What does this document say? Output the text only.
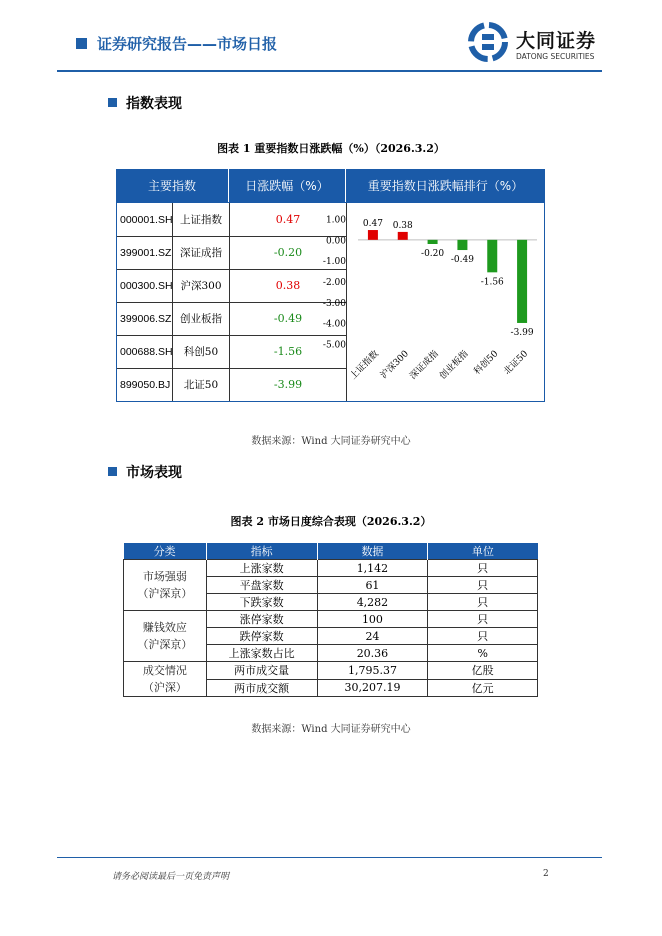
证券研究报告——市场日报	大同证券
DATONG SECURITIES
指数表现
图表 1 重要指数日涨跌幅（%）（2026.3.2）
主要指数	日涨跌幅（%）	重要指数日涨跌幅排行（%）
000001.SH 上证指数	0.47
399001.SZ 深证成指	-0.20
000300.SH 沪深300	0.38
399006.SZ 创业板指	-0.49
000688.SH	科创50	-1.56
899050.BJ	北证50	-3.99
1.00
0.00
-1.00
-2.00
-3.00
-4.00
-5.00
0.47
上证指数
0.38
沪深300
-0.20
深证成指
-0.49
创业板指
-1.56
科创50
-3.99
北证50
数据来源：Wind 大同证券研究中心
市场表现
图表 2 市场日度综合表现（2026.3.2）
分类	指标	数据	单位
市场强弱
（沪深京）	上涨家数	1,142	只
	平盘家数	61	只
	下跌家数	4,282	只
赚钱效应
（沪深京）	涨停家数	100	只
	跌停家数	24	只
	上涨家数占比	20.36	%
成交情况
（沪深）	两市成交量	1,795.37	亿股
	两市成交额	30,207.19	亿元
数据来源：Wind 大同证券研究中心
请务必阅读最后一页免责声明	2
